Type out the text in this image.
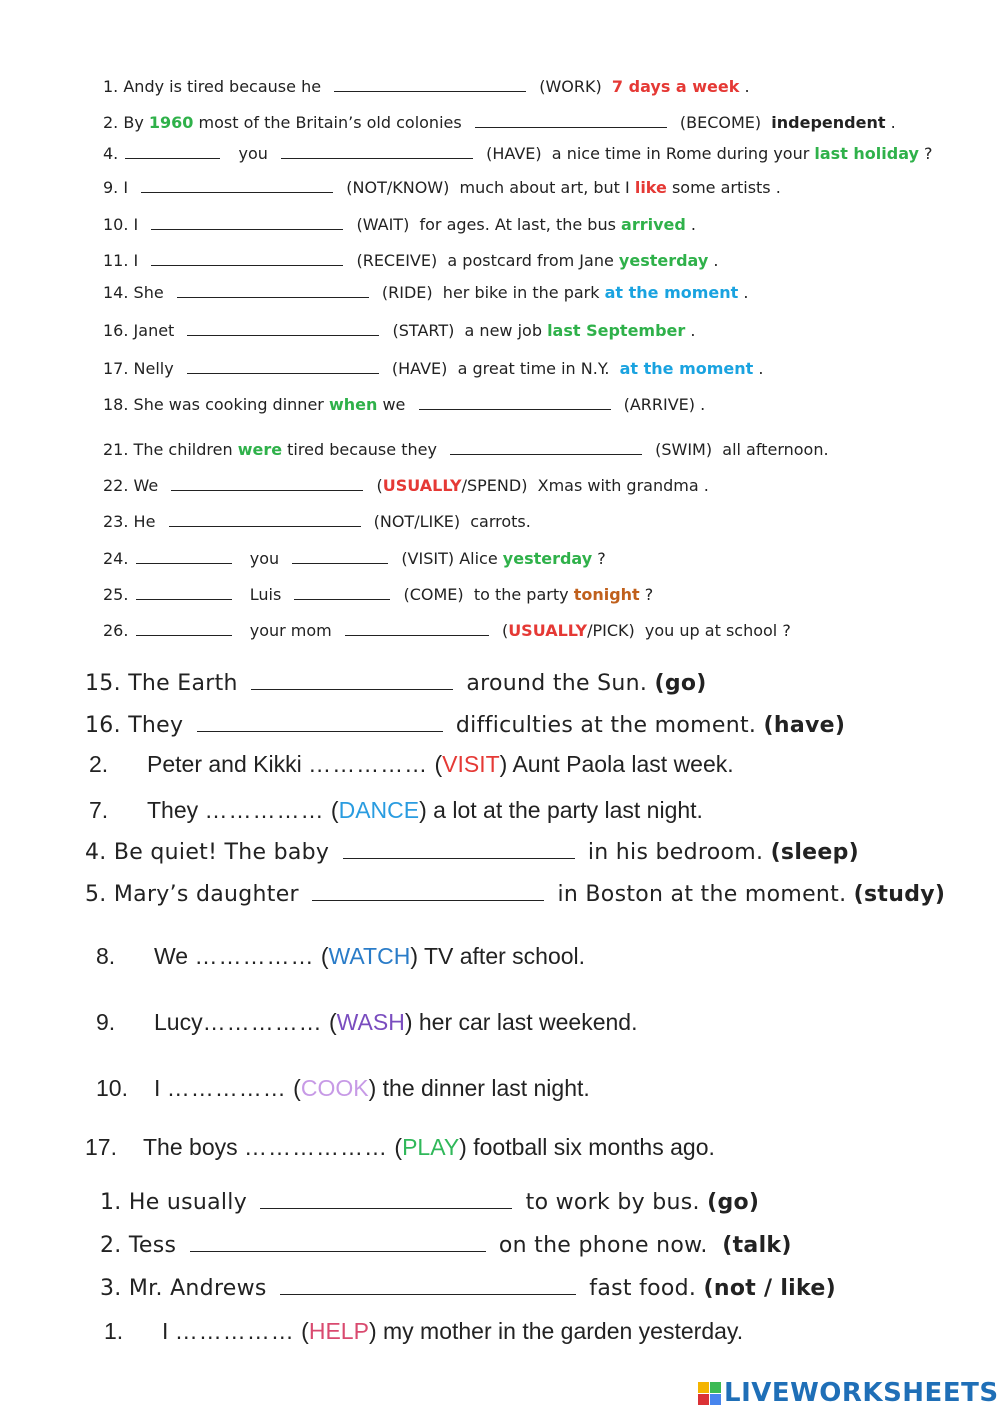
1. Andy is tired because he	(WORK) 7 days a week .
2. By 1960 most of the Britain’s old colonies	(BECOME) independent .
4.	you	(HAVE) a nice time in Rome during your last holiday ?
9. I	(NOT/KNOW) much about art, but I like some artists .
10. I	(WAIT) for ages. At last, the bus arrived .
11. I	(RECEIVE) a postcard from Jane yesterday .
14. She	(RIDE) her bike in the park at the moment .
16. Janet	(START) a new job last September .
17. Nelly	(HAVE) a great time in N.Y. at the moment .
18. She was cooking dinner when we	(ARRIVE) .
21. The children were tired because they	(SWIM) all afternoon.
22. We	(USUALLY/SPEND) Xmas with grandma .
23. He	(NOT/LIKE) carrots.
24.	you	(VISIT) Alice yesterday ?
25.	Luis	(COME) to the party tonight ?
26.	your mom	(USUALLY/PICK) you up at school ?
15. The Earth	around the Sun. (go)
16. They	difficulties at the moment. (have)
2. Peter and Kikki …………… (VISIT) Aunt Paola last week.
7. They …………… (DANCE) a lot at the party last night.
4. Be quiet! The baby	in his bedroom. (sleep)
5. Mary’s daughter	in Boston at the moment. (study)
8. We …………… (WATCH) TV after school.
9. Lucy…………… (WASH) her car last weekend.
10. I …………… (COOK) the dinner last night.
17. The boys ……………… (PLAY) football six months ago.
1. He usually	to work by bus. (go)
2. Tess	on the phone now. (talk)
3. Mr. Andrews	fast food. (not / like)
1. I …………… (HELP) my mother in the garden yesterday.
LIVEWORKSHEETS
